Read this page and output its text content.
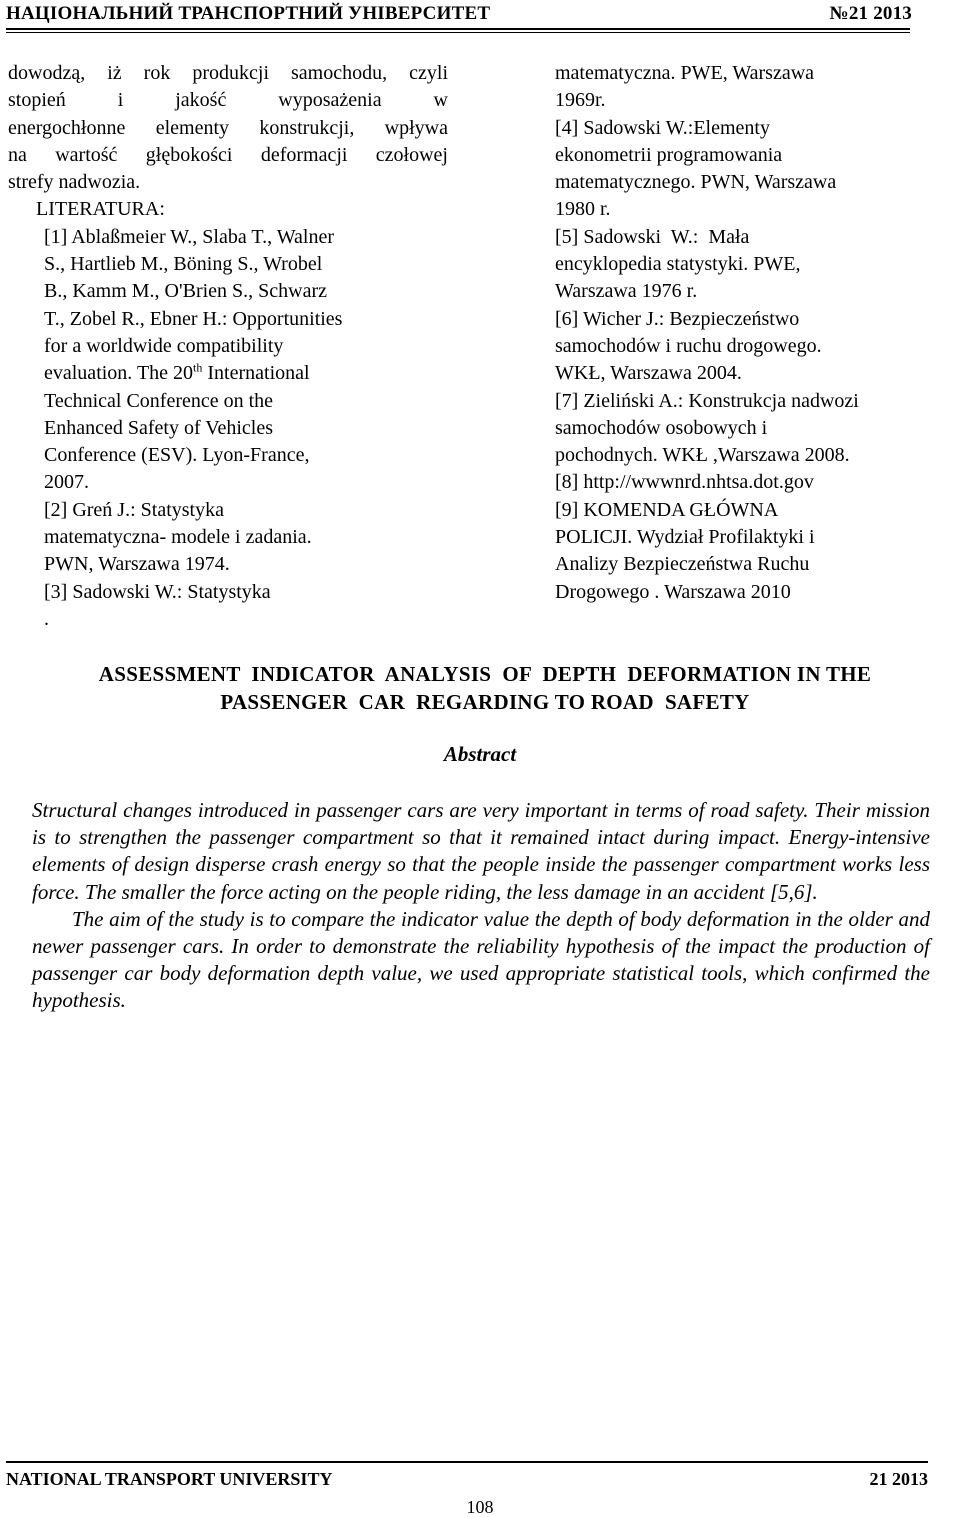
НАЦІОНАЛЬНИЙ ТРАНСПОРТНИЙ УНІВЕРСИТЕТ	№21 2013

dowodzą, iż rok produkcji samochodu, czyli

stopień i jakość wyposażenia w

energochłonne elementy konstrukcji, wpływa

na wartość głębokości deformacji czołowej

strefy nadwozia.

LITERATURA:

[1] Ablaßmeier W., Slaba T., Walner

S., Hartlieb M., Böning S., Wrobel

B., Kamm M., O'Brien S., Schwarz

T., Zobel R., Ebner H.: Opportunities

for a worldwide compatibility

evaluation. The 20th International

Technical Conference on the

Enhanced Safety of Vehicles

Conference (ESV). Lyon-France,

2007.

[2] Greń J.: Statystyka

matematyczna- modele i zadania.

PWN, Warszawa 1974.

[3] Sadowski W.: Statystyka

.

matematyczna. PWE, Warszawa

1969r.

[4] Sadowski W.:Elementy

ekonometrii programowania

matematycznego. PWN, Warszawa

1980 r.

[5] Sadowski  W.:  Mała

encyklopedia statystyki. PWE,

Warszawa 1976 r.

[6] Wicher J.: Bezpieczeństwo

samochodów i ruchu drogowego.

WKŁ, Warszawa 2004.

[7] Zieliński A.: Konstrukcja nadwozi

samochodów osobowych i

pochodnych. WKŁ ,Warszawa 2008.

[8] http://wwwnrd.nhtsa.dot.gov

[9] KOMENDA GŁÓWNA

POLICJI. Wydział Profilaktyki i

Analizy Bezpieczeństwa Ruchu

Drogowego . Warszawa 2010

ASSESSMENT  INDICATOR  ANALYSIS  OF  DEPTH  DEFORMATION IN THE
PASSENGER  CAR  REGARDING TO ROAD  SAFETY
Abstract

Structural changes introduced in passenger cars are very important in terms of road safety. Their mission is to strengthen the passenger compartment so that it remained intact during impact. Energy-intensive elements of design disperse crash energy so that the people inside the passenger compartment works less force. The smaller the force acting on the people riding, the less damage in an accident [5,6].

The aim of the study is to compare the indicator value the depth of body deformation in the older and newer passenger cars. In order to demonstrate the reliability hypothesis of the impact the production of passenger car body deformation depth value, we used appropriate statistical tools, which confirmed the hypothesis.

NATIONAL TRANSPORT UNIVERSITY	21 2013
108
